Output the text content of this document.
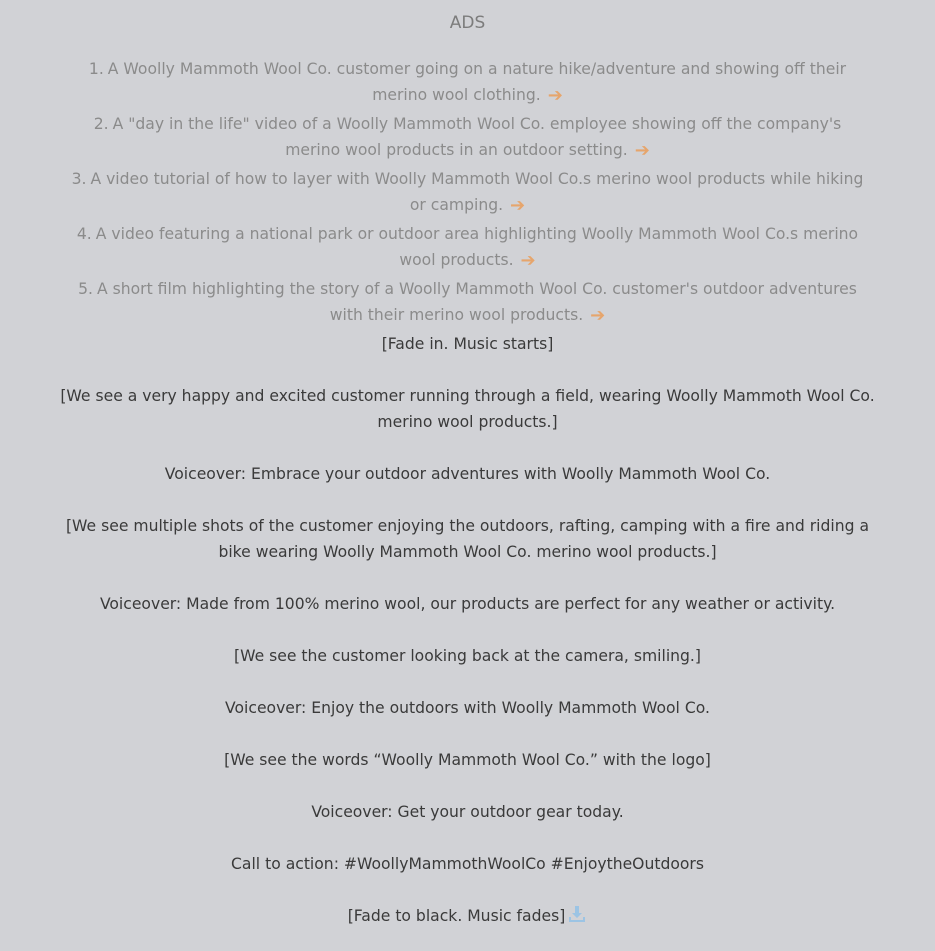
ADS
1. A Woolly Mammoth Wool Co. customer going on a nature hike/adventure and showing off their merino wool clothing. ➔
2. A "day in the life" video of a Woolly Mammoth Wool Co. employee showing off the company's merino wool products in an outdoor setting. ➔
3. A video tutorial of how to layer with Woolly Mammoth Wool Co.s merino wool products while hiking or camping. ➔
4. A video featuring a national park or outdoor area highlighting Woolly Mammoth Wool Co.s merino wool products. ➔
5. A short film highlighting the story of a Woolly Mammoth Wool Co. customer's outdoor adventures with their merino wool products. ➔

[Fade in. Music starts]

[We see a very happy and excited customer running through a field, wearing Woolly Mammoth Wool Co. merino wool products.]

Voiceover: Embrace your outdoor adventures with Woolly Mammoth Wool Co.

[We see multiple shots of the customer enjoying the outdoors, rafting, camping with a fire and riding a bike wearing Woolly Mammoth Wool Co. merino wool products.]

Voiceover: Made from 100% merino wool, our products are perfect for any weather or activity.

[We see the customer looking back at the camera, smiling.]

Voiceover: Enjoy the outdoors with Woolly Mammoth Wool Co.

[We see the words “Woolly Mammoth Wool Co.” with the logo]

Voiceover: Get your outdoor gear today.

Call to action: #WoollyMammothWoolCo #EnjoytheOutdoors

[Fade to black. Music fades]
